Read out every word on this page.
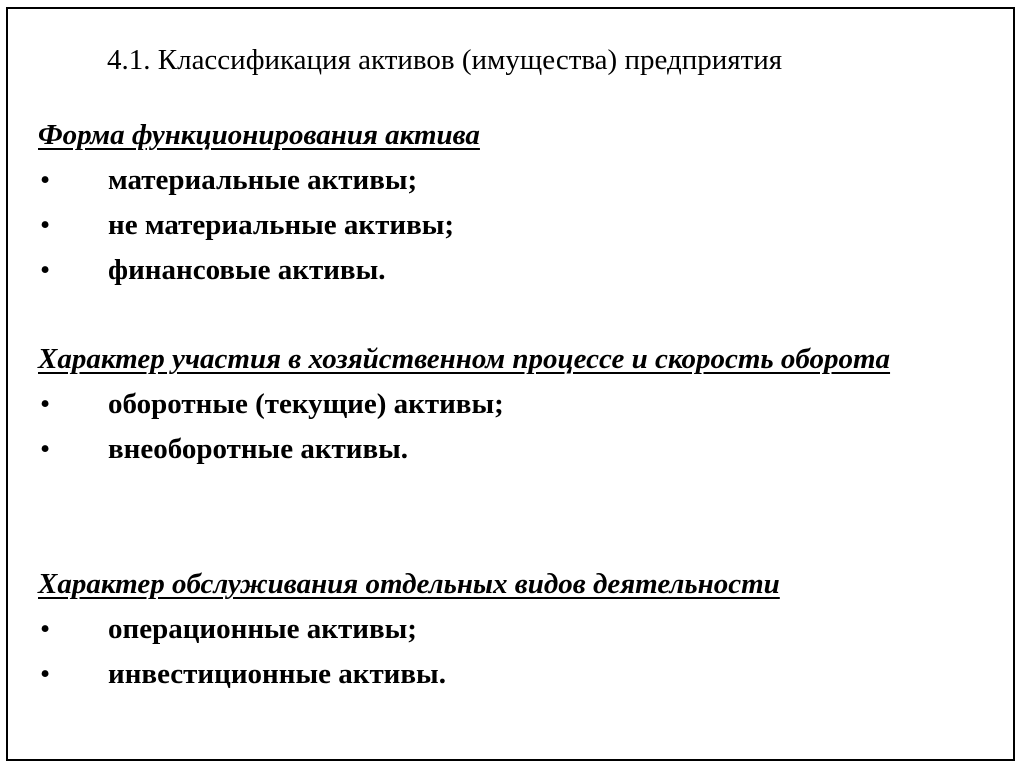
4.1. Классификация активов (имущества) предприятия
Форма функционирования актива
• материальные активы;
• не материальные активы;
• финансовые активы.
Характер участия в хозяйственном процессе и скорость оборота
• оборотные (текущие) активы;
• внеоборотные активы.
Характер обслуживания отдельных видов деятельности
• операционные активы;
• инвестиционные активы.
